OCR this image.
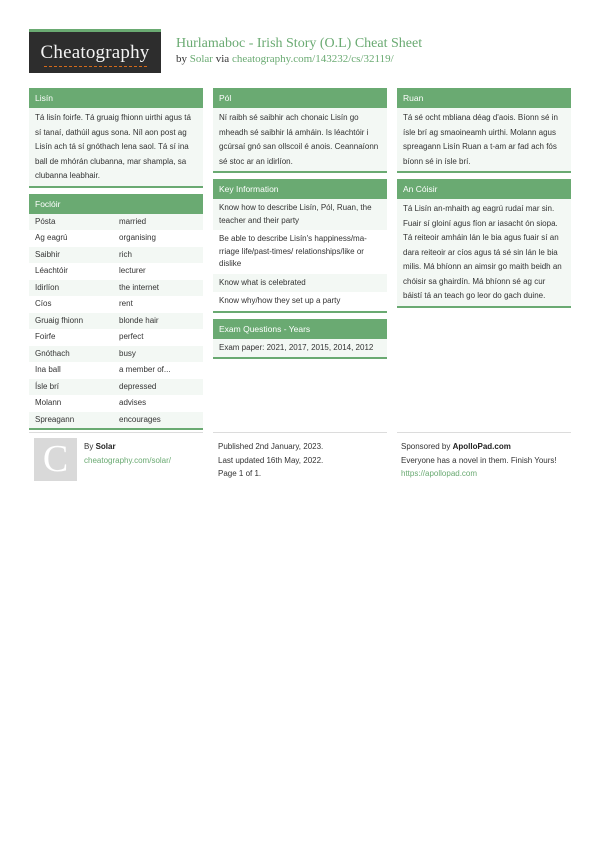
Cheatography	Hurlamaboc - Irish Story (O.L) Cheat Sheet
by Solar via cheatography.com/143232/cs/32119/
Lisín
Tá lisín foirfe. Tá gruaig fhionn uirthi agus tá sí tanaí, dathúil agus sona. Níl aon post ag Lisín ach tá sí gnóthach lena saol. Tá sí ina ball de mhórán clubanna, mar shampla, sa clubanna leabhair.
Foclóir
Pósta	married
Ag eagrú	organising
Saibhir	rich
Léachtóir	lecturer
Idirlíon	the internet
Cíos	rent
Gruaig fhionn	blonde hair
Foirfe	perfect
Gnóthach	busy
Ina ball	a member of...
Ísle brí	depressed
Molann	advises
Spreagann	encourages
Pól
Ní raibh sé saibhir ach chonaic Lisín go mheadh sé saibhir lá amháin. Is léachtóir i gcúrsaí gnó san ollscoil é anois. Ceannaíonn sé stoc ar an idirlíon.
Key Information
Know how to describe Lisín, Pól, Ruan, the teacher and their party
Be able to describe Lisín's happiness/ma-rriage life/past-times/ relationships/like or dislike
Know what is celebrated
Know why/how they set up a party
Exam Questions - Years
Exam paper: 2021, 2017, 2015, 2014, 2012
Ruan
Tá sé ocht mbliana déag d'aois. Bíonn sé in ísle brí ag smaoineamh uirthi. Molann agus spreagann Lisín Ruan a t-am ar fad ach fós bíonn sé in ísle brí.
An Cóisir
Tá Lisín an-mhaith ag eagrú rudaí mar sin. Fuair sí gloiní agus fíon ar iasacht ón siopa. Tá reiteoir amháin lán le bia agus fuair sí an dara reiteoir ar cíos agus tá sé sin lán le bia milis. Má bhíonn an aimsir go maith beidh an chóisir sa ghairdín. Má bhíonn sé ag cur báistí tá an teach go leor do gach duine.
C	By Solar
cheatography.com/solar/
Published 2nd January, 2023.
Last updated 16th May, 2022.
Page 1 of 1.
Sponsored by ApolloPad.com
Everyone has a novel in them. Finish Yours!
https://apollopad.com
